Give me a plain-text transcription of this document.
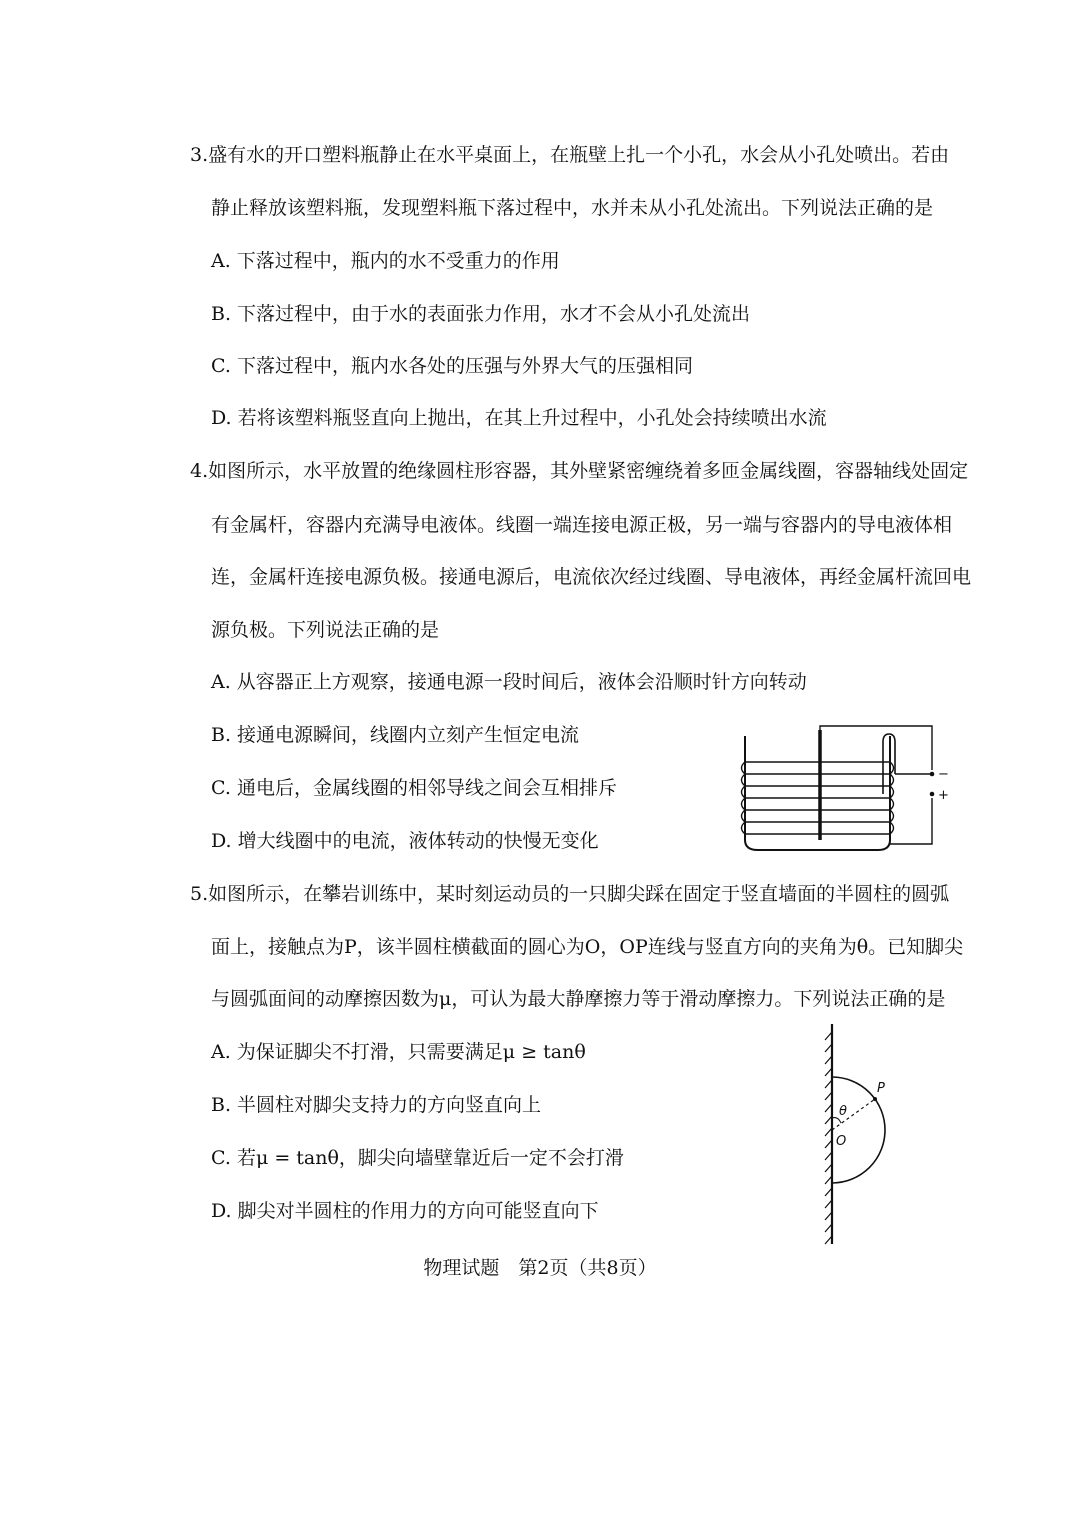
3.盛有水的开口塑料瓶静止在水平桌面上，在瓶壁上扎一个小孔，水会从小孔处喷出。若由
静止释放该塑料瓶，发现塑料瓶下落过程中，水并未从小孔处流出。下列说法正确的是
A. 下落过程中，瓶内的水不受重力的作用
B. 下落过程中，由于水的表面张力作用，水才不会从小孔处流出
C. 下落过程中，瓶内水各处的压强与外界大气的压强相同
D. 若将该塑料瓶竖直向上抛出，在其上升过程中，小孔处会持续喷出水流
4.如图所示，水平放置的绝缘圆柱形容器，其外壁紧密缠绕着多匝金属线圈，容器轴线处固定
有金属杆，容器内充满导电液体。线圈一端连接电源正极，另一端与容器内的导电液体相
连，金属杆连接电源负极。接通电源后，电流依次经过线圈、导电液体，再经金属杆流回电
源负极。下列说法正确的是
A. 从容器正上方观察，接通电源一段时间后，液体会沿顺时针方向转动
B. 接通电源瞬间，线圈内立刻产生恒定电流
C. 通电后，金属线圈的相邻导线之间会互相排斥
D. 增大线圈中的电流，液体转动的快慢无变化
−
+
5.如图所示，在攀岩训练中，某时刻运动员的一只脚尖踩在固定于竖直墙面的半圆柱的圆弧
面上，接触点为P，该半圆柱横截面的圆心为O，OP连线与竖直方向的夹角为θ。已知脚尖
与圆弧面间的动摩擦因数为μ，可认为最大静摩擦力等于滑动摩擦力。下列说法正确的是
A. 为保证脚尖不打滑，只需要满足μ ≥ tanθ
B. 半圆柱对脚尖支持力的方向竖直向上
C. 若μ = tanθ，脚尖向墙壁靠近后一定不会打滑
D. 脚尖对半圆柱的作用力的方向可能竖直向下
P
θ
O
物理试题　第2页（共8页）
